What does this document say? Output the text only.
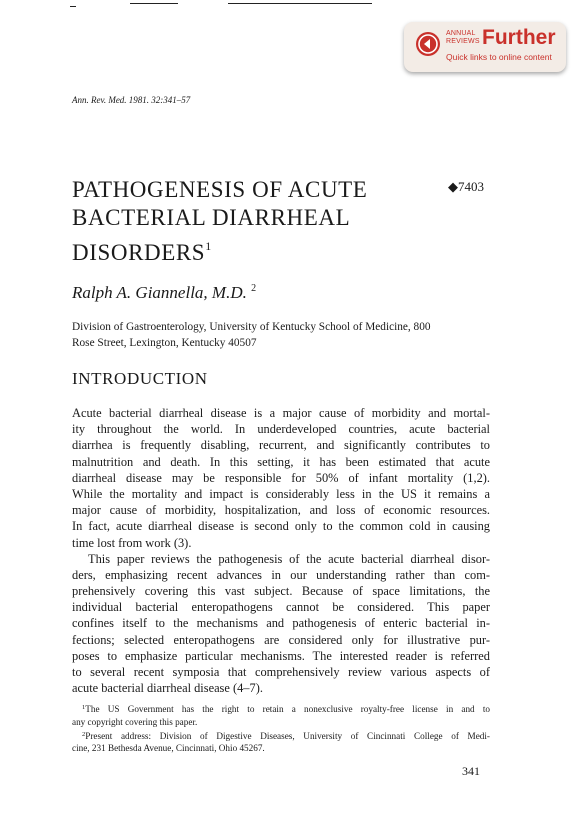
ANNUAL
REVIEWS Further
Quick links to online content
Ann. Rev. Med. 1981. 32:341–57
PATHOGENESIS OF ACUTE
BACTERIAL DIARRHEAL
DISORDERS$^1$
◆7403
Ralph A. Giannella, M.D. $^2$
Division of Gastroenterology, University of Kentucky School of Medicine, 800
Rose Street, Lexington, Kentucky 40507
INTRODUCTION
Acute bacterial diarrheal disease is a major cause of morbidity and mortal-
ity throughout the world. In underdeveloped countries, acute bacterial
diarrhea is frequently disabling, recurrent, and significantly contributes to
malnutrition and death. In this setting, it has been estimated that acute
diarrheal disease may be responsible for 50% of infant mortality (1,2).
While the mortality and impact is considerably less in the US it remains a
major cause of morbidity, hospitalization, and loss of economic resources.
In fact, acute diarrheal disease is second only to the common cold in causing
time lost from work (3).
This paper reviews the pathogenesis of the acute bacterial diarrheal disor-
ders, emphasizing recent advances in our understanding rather than com-
prehensively covering this vast subject. Because of space limitations, the
individual bacterial enteropathogens cannot be considered. This paper
confines itself to the mechanisms and pathogenesis of enteric bacterial in-
fections; selected enteropathogens are considered only for illustrative pur-
poses to emphasize particular mechanisms. The interested reader is referred
to several recent symposia that comprehensively review various aspects of
acute bacterial diarrheal disease (4–7).
$^1$The US Government has the right to retain a nonexclusive royalty-free license in and to
any copyright covering this paper.
$^2$Present address: Division of Digestive Diseases, University of Cincinnati College of Medi-
cine, 231 Bethesda Avenue, Cincinnati, Ohio 45267.
341
